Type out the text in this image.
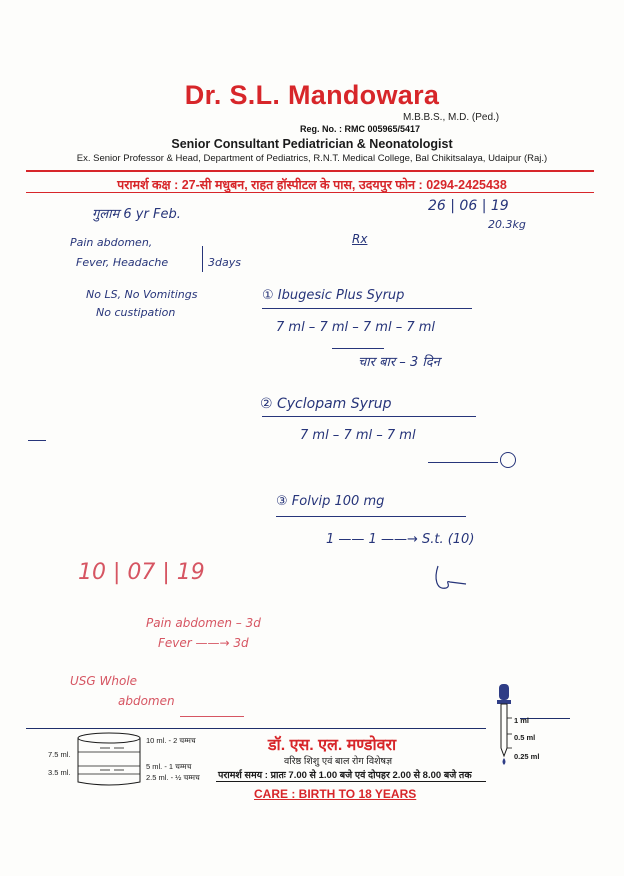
Dr. S.L. Mandowara
M.B.B.S., M.D. (Ped.)
Reg. No. : RMC 005965/5417
Senior Consultant Pediatrician & Neonatologist
Ex. Senior Professor & Head, Department of Pediatrics, R.N.T. Medical College, Bal Chikitsalaya, Udaipur (Raj.)
परामर्श कक्ष : 27-सी मधुबन, राहत हॉस्पीटल के पास, उदयपुर फोन : 0294-2425438
गुलाम 6 yr Feb.
26 | 06 | 19
20.3kg
Pain abdomen,
Fever, Headache	3days
No LS, No Vomitings
No custipation
Rx
① Ibugesic Plus Syrup
7 ml – 7 ml – 7 ml – 7 ml
चार बार – 3 दिन
② Cyclopam Syrup
7 ml – 7 ml – 7 ml
③ Folvip 100 mg
1 —— 1 ——→ S.t. (10)
10 | 07 | 19
Pain abdomen – 3d
Fever ——→ 3d
USG Whole
abdomen
10 ml. - 2 चम्मच
7.5 ml.
5 ml. - 1 चम्मच
3.5 ml.
2.5 ml. - ½ चम्मच
डॉ. एस. एल. मण्डोवरा
वरिष्ठ शिशु एवं बाल रोग विशेषज्ञ
परामर्श समय : प्रातः 7.00 से 1.00 बजे एवं दोपहर 2.00 से 8.00 बजे तक
CARE : BIRTH TO 18 YEARS
1 ml
0.5 ml
0.25 ml
